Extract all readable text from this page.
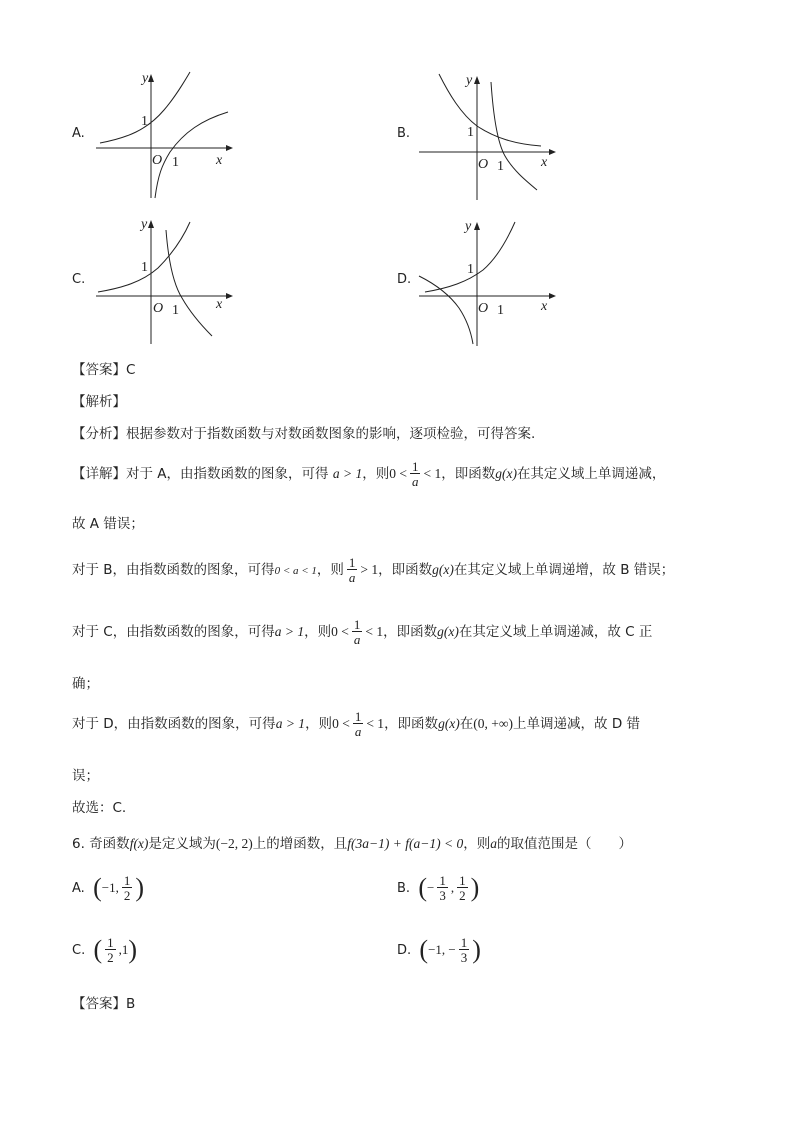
A.
y
x
O
1
1
B.
y
x
O
1
1
C.
y
x
O
1
1
D.
y
x
O
1
1
【答案】C
【解析】
【分析】根据参数对于指数函数与对数函数图象的影响，逐项检验，可得答案.
【详解】对于 A，由指数函数的图象，可得 a > 1，则$0 < \frac{1}{a} < 1$，即函数g(x)在其定义域上单调递减，
故 A 错误；
对于 B，由指数函数的图象，可得0 < a < 1，则 $\frac{1}{a} > 1$，即函数g(x)在其定义域上单调递增，故 B 错误；
对于 C，由指数函数的图象，可得a > 1，则$0 < \frac{1}{a} < 1$，即函数g(x)在其定义域上单调递减，故 C 正
确；
对于 D，由指数函数的图象，可得a > 1，则$0 < \frac{1}{a} < 1$，即函数g(x)在(0, +∞)上单调递减，故 D 错
误；
故选：C.
6. 奇函数f(x)是定义域为(−2, 2)上的增函数，且f(3a−1) + f(a−1) < 0，则a的取值范围是（　　）
A.
( −1, $\frac{1}{2}$ )	B.
( − $\frac{1}{3}$ , $\frac{1}{2}$ )
C.
( $\frac{1}{2} ,1$ )	D.
( −1, − $\frac{1}{3}$ )
【答案】B
